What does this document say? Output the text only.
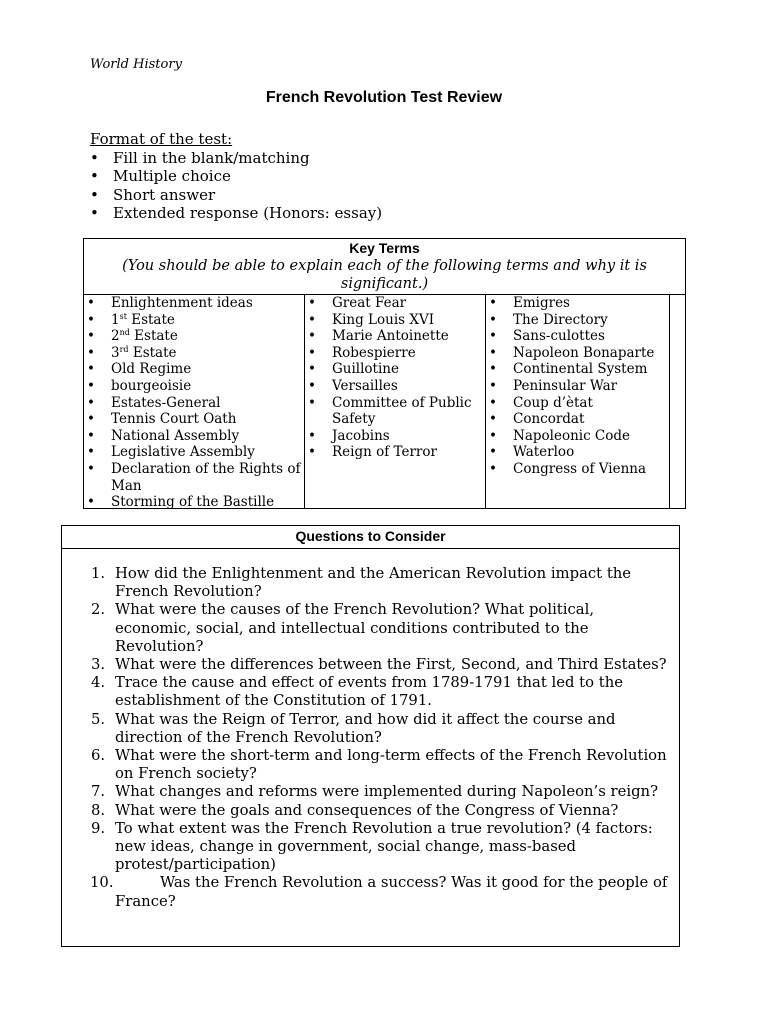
World History
French Revolution Test Review
Format of the test:
• Fill in the blank/matching
• Multiple choice
• Short answer
• Extended response (Honors: essay)
Key Terms
(You should be able to explain each of the following terms and why it is significant.)
• Enlightenment ideas
• 1st Estate
• 2nd Estate
• 3rd Estate
• Old Regime
• bourgeoisie
• Estates-General
• Tennis Court Oath
• National Assembly
• Legislative Assembly
• Declaration of the Rights of Man
• Storming of the Bastille
• Great Fear
• King Louis XVI
• Marie Antoinette
• Robespierre
• Guillotine
• Versailles
• Committee of Public Safety
• Jacobins
• Reign of Terror
• Emigres
• The Directory
• Sans-culottes
• Napoleon Bonaparte
• Continental System
• Peninsular War
• Coup d’ètat
• Concordat
• Napoleonic Code
• Waterloo
• Congress of Vienna
Questions to Consider
1. How did the Enlightenment and the American Revolution impact the French Revolution?
2. What were the causes of the French Revolution? What political, economic, social, and intellectual conditions contributed to the Revolution?
3. What were the differences between the First, Second, and Third Estates?
4. Trace the cause and effect of events from 1789-1791 that led to the establishment of the Constitution of 1791.
5. What was the Reign of Terror, and how did it affect the course and direction of the French Revolution?
6. What were the short-term and long-term effects of the French Revolution on French society?
7. What changes and reforms were implemented during Napoleon’s reign?
8. What were the goals and consequences of the Congress of Vienna?
9. To what extent was the French Revolution a true revolution? (4 factors: new ideas, change in government, social change, mass-based protest/participation)
10.	Was the French Revolution a success? Was it good for the people of France?
